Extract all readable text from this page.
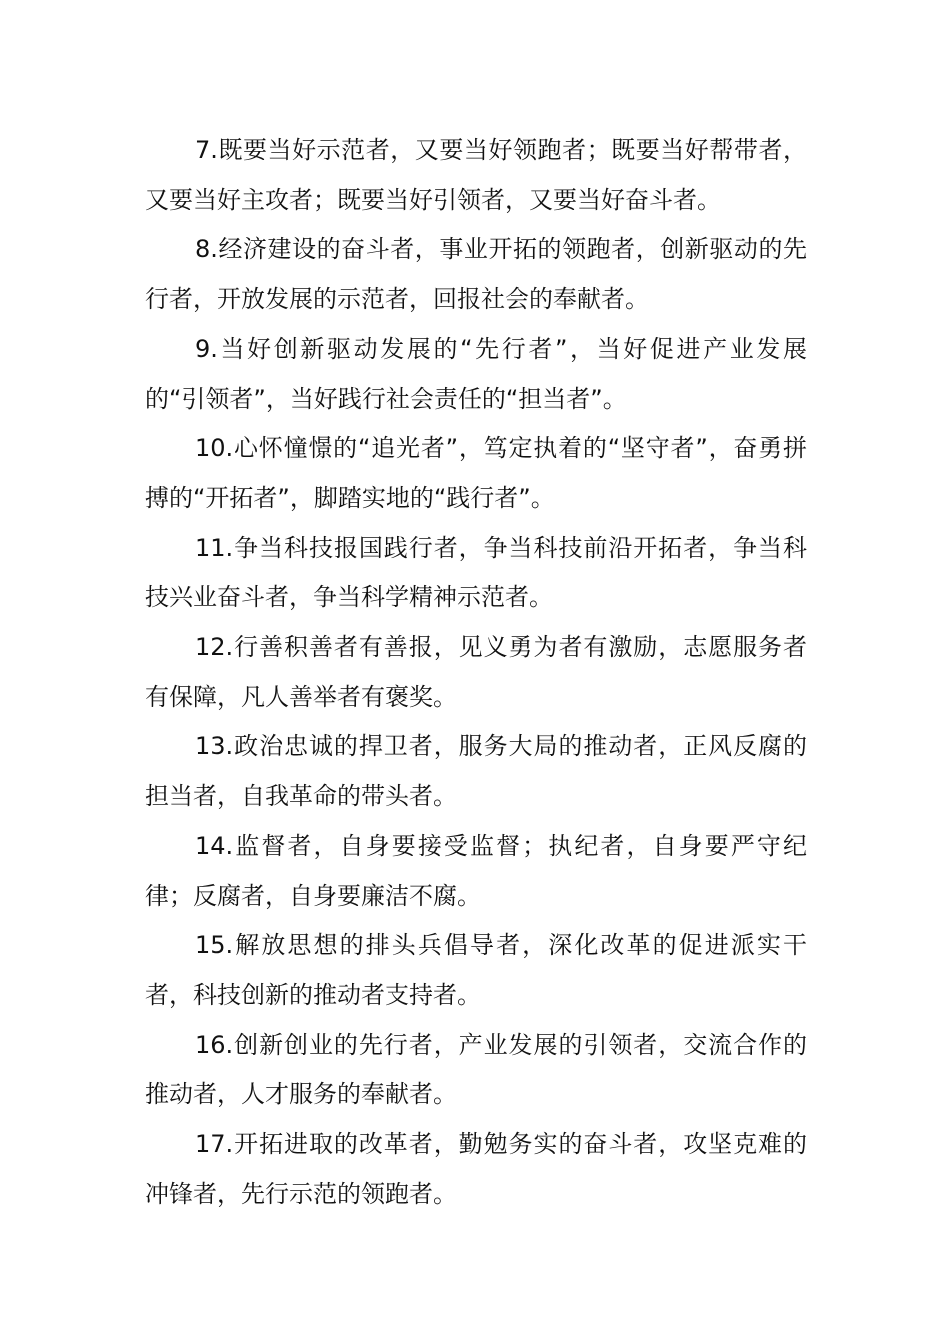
7.既要当好示范者，又要当好领跑者；既要当好帮带者，又要当好主攻者；既要当好引领者，又要当好奋斗者。

8.经济建设的奋斗者，事业开拓的领跑者，创新驱动的先行者，开放发展的示范者，回报社会的奉献者。

9.当好创新驱动发展的“先行者”，当好促进产业发展的“引领者”，当好践行社会责任的“担当者”。

10.心怀憧憬的“追光者”，笃定执着的“坚守者”，奋勇拼搏的“开拓者”，脚踏实地的“践行者”。

11.争当科技报国践行者，争当科技前沿开拓者，争当科技兴业奋斗者，争当科学精神示范者。

12.行善积善者有善报，见义勇为者有激励，志愿服务者有保障，凡人善举者有褒奖。

13.政治忠诚的捍卫者，服务大局的推动者，正风反腐的担当者，自我革命的带头者。

14.监督者，自身要接受监督；执纪者，自身要严守纪律；反腐者，自身要廉洁不腐。

15.解放思想的排头兵倡导者，深化改革的促进派实干者，科技创新的推动者支持者。

16.创新创业的先行者，产业发展的引领者，交流合作的推动者，人才服务的奉献者。

17.开拓进取的改革者，勤勉务实的奋斗者，攻坚克难的冲锋者，先行示范的领跑者。
